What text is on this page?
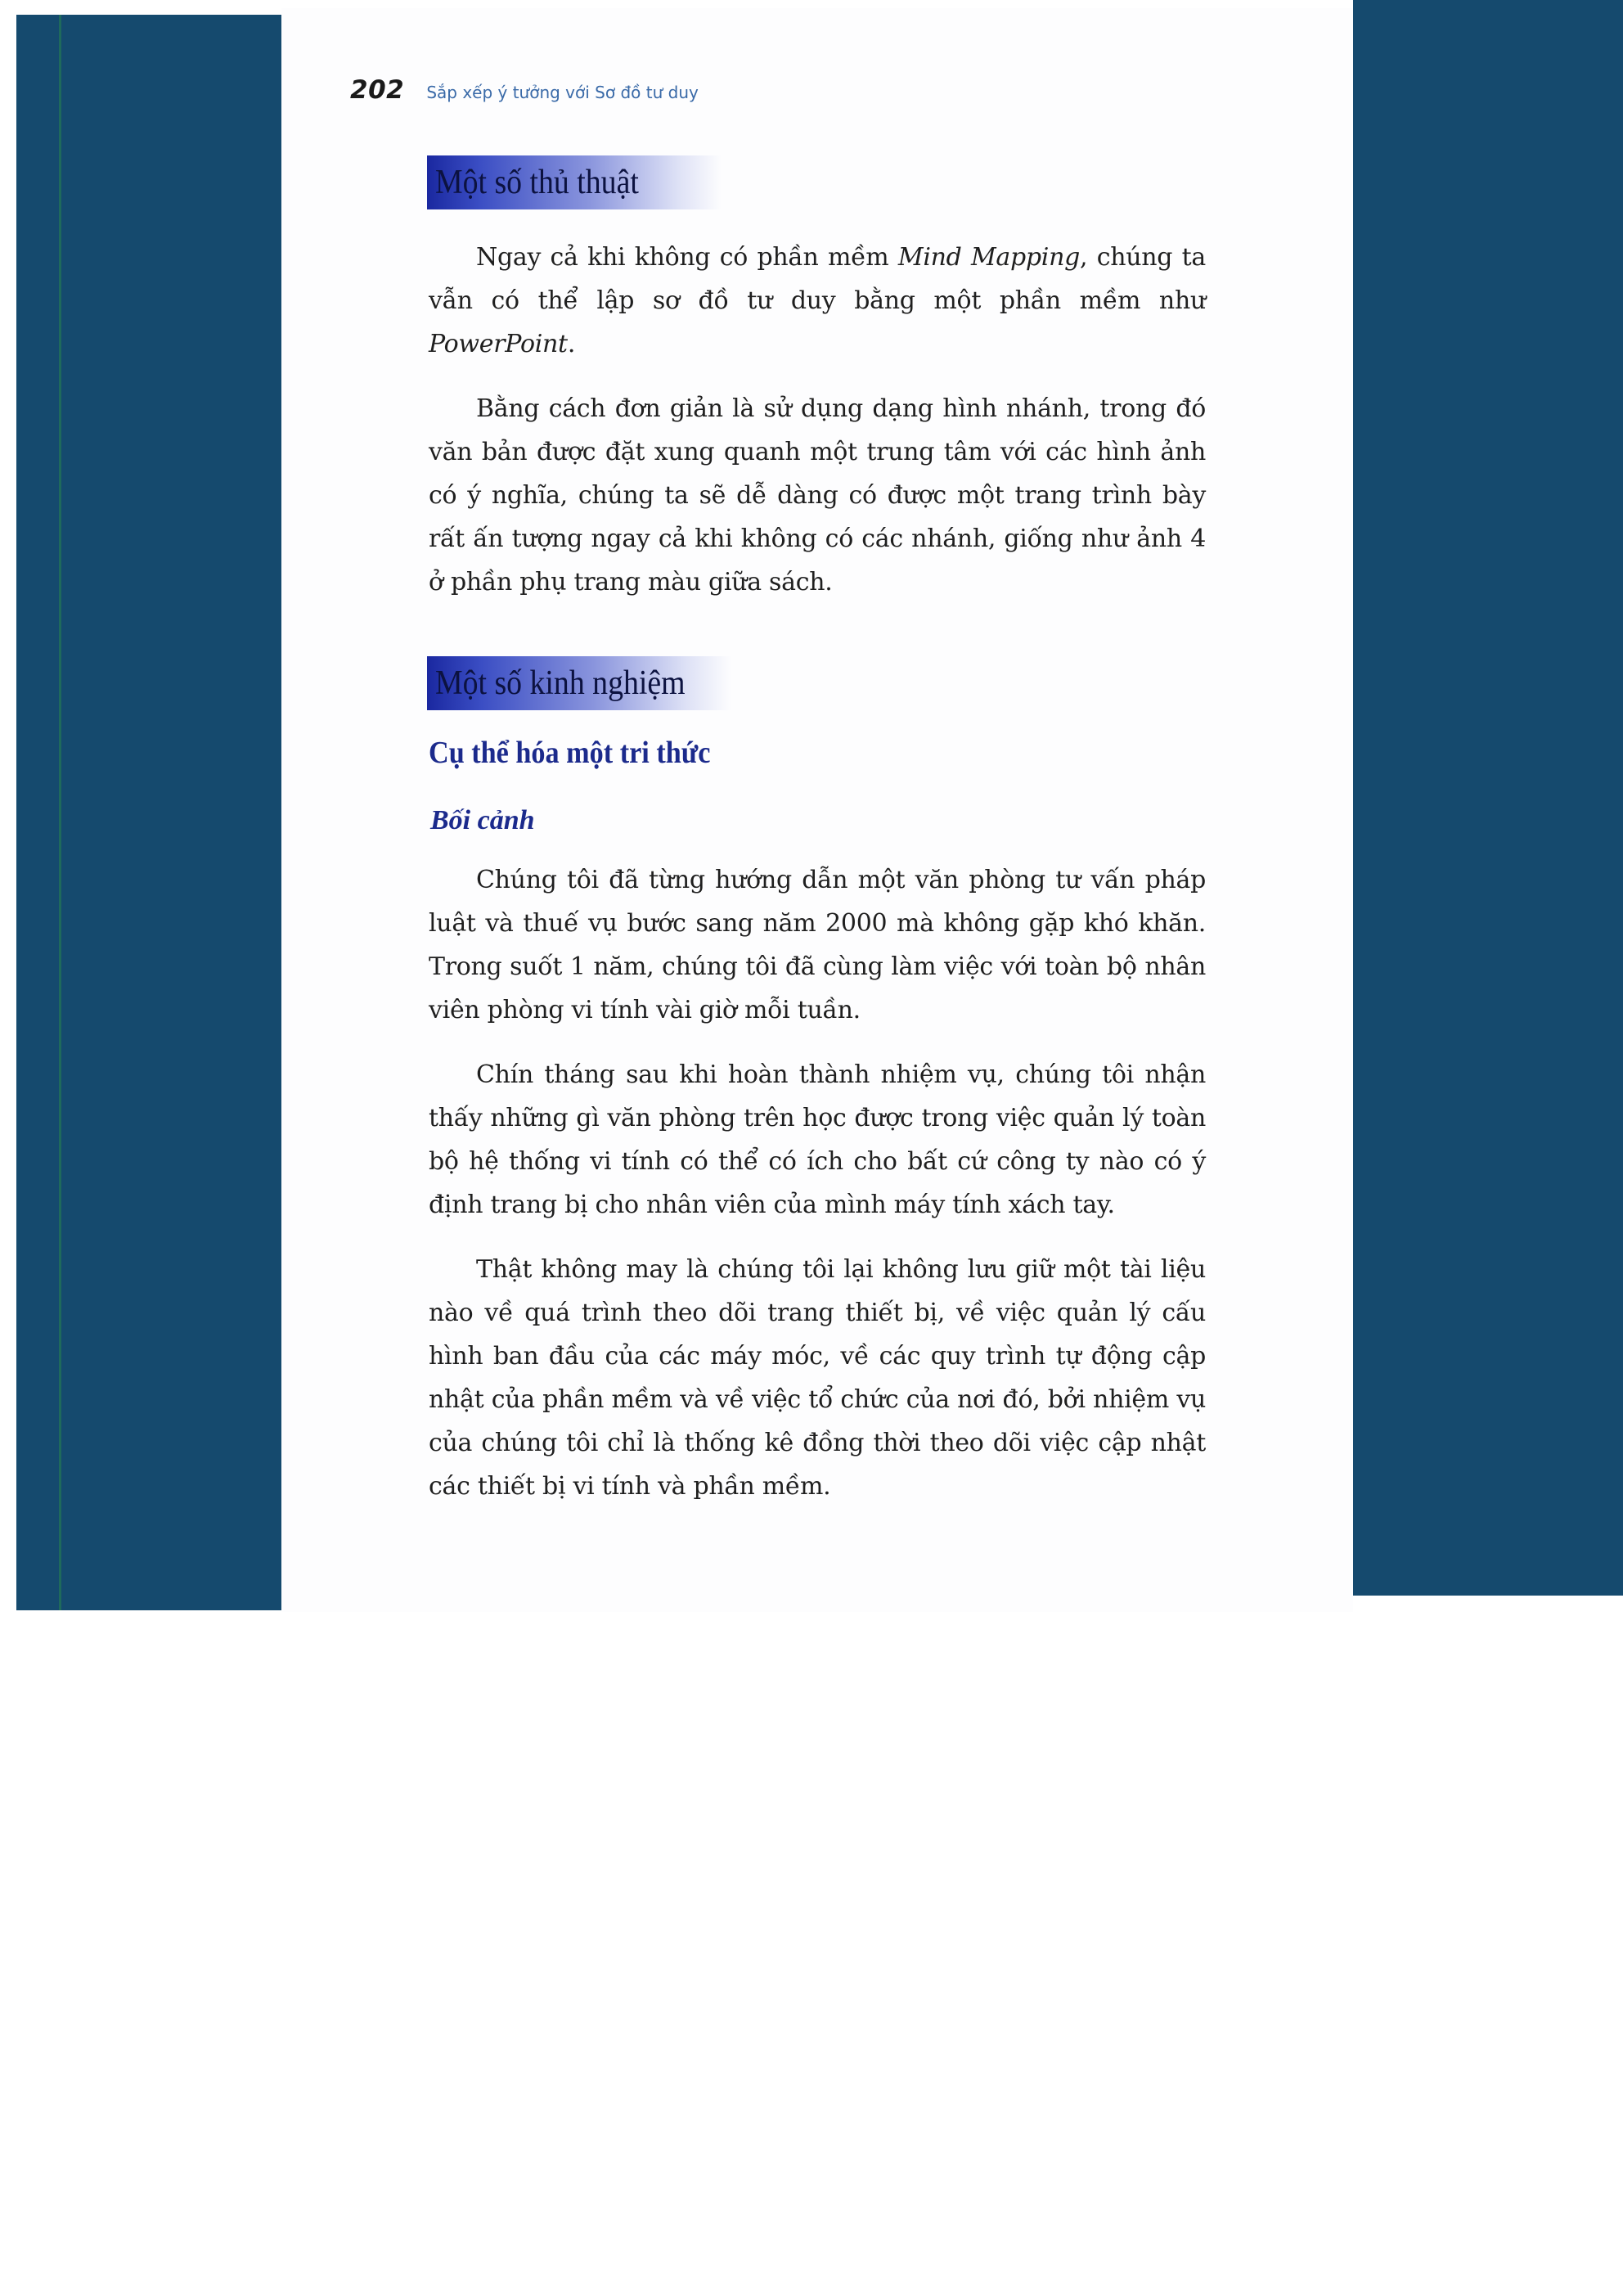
202 Sắp xếp ý tưởng với Sơ đồ tư duy
Một số thủ thuật

Ngay cả khi không có phần mềm Mind Mapping, chúng ta vẫn có thể lập sơ đồ tư duy bằng một phần mềm như PowerPoint.

Bằng cách đơn giản là sử dụng dạng hình nhánh, trong đó văn bản được đặt xung quanh một trung tâm với các hình ảnh có ý nghĩa, chúng ta sẽ dễ dàng có được một trang trình bày rất ấn tượng ngay cả khi không có các nhánh, giống như ảnh 4 ở phần phụ trang màu giữa sách.

Một số kinh nghiệm
Cụ thể hóa một tri thức
Bối cảnh

Chúng tôi đã từng hướng dẫn một văn phòng tư vấn pháp luật và thuế vụ bước sang năm 2000 mà không gặp khó khăn. Trong suốt 1 năm, chúng tôi đã cùng làm việc với toàn bộ nhân viên phòng vi tính vài giờ mỗi tuần.

Chín tháng sau khi hoàn thành nhiệm vụ, chúng tôi nhận thấy những gì văn phòng trên học được trong việc quản lý toàn bộ hệ thống vi tính có thể có ích cho bất cứ công ty nào có ý định trang bị cho nhân viên của mình máy tính xách tay.

Thật không may là chúng tôi lại không lưu giữ một tài liệu nào về quá trình theo dõi trang thiết bị, về việc quản lý cấu hình ban đầu của các máy móc, về các quy trình tự động cập nhật của phần mềm và về việc tổ chức của nơi đó, bởi nhiệm vụ của chúng tôi chỉ là thống kê đồng thời theo dõi việc cập nhật các thiết bị vi tính và phần mềm.
